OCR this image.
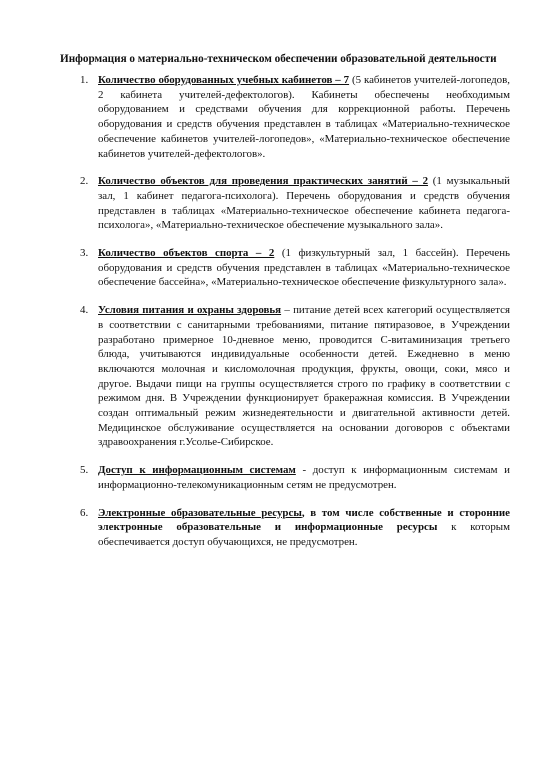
Информация о материально-техническом обеспечении образовательной деятельности
1. Количество оборудованных учебных кабинетов – 7 (5 кабинетов учителей-логопедов, 2 кабинета учителей-дефектологов). Кабинеты обеспечены необходимым оборудованием и средствами обучения для коррекционной работы. Перечень оборудования и средств обучения представлен в таблицах «Материально-техническое обеспечение кабинетов учителей-логопедов», «Материально-техническое обеспечение кабинетов учителей-дефектологов».
2. Количество объектов для проведения практических занятий – 2 (1 музыкальный зал, 1 кабинет педагога-психолога). Перечень оборудования и средств обучения представлен в таблицах «Материально-техническое обеспечение кабинета педагога-психолога», «Материально-техническое обеспечение музыкального зала».
3. Количество объектов спорта – 2 (1 физкультурный зал, 1 бассейн). Перечень оборудования и средств обучения представлен в таблицах «Материально-техническое обеспечение бассейна», «Материально-техническое обеспечение физкультурного зала».
4. Условия питания и охраны здоровья – питание детей всех категорий осуществляется в соответствии с санитарными требованиями, питание пятиразовое, в Учреждении разработано примерное 10-дневное меню, проводится С-витаминизация третьего блюда, учитываются индивидуальные особенности детей. Ежедневно в меню включаются молочная и кисломолочная продукция, фрукты, овощи, соки, мясо и другое. Выдачи пищи на группы осуществляется строго по графику в соответствии с режимом дня. В Учреждении функционирует бракеражная комиссия. В Учреждении создан оптимальный режим жизнедеятельности и двигательной активности детей. Медицинское обслуживание осуществляется на основании договоров с объектами здравоохранения г.Усолье-Сибирское.
5. Доступ к информационным системам - доступ к информационным системам и информационно-телекомуникационным сетям не предусмотрен.
6. Электронные образовательные ресурсы, в том числе собственные и сторонние электронные образовательные и информационные ресурсы к которым обеспечивается доступ обучающихся, не предусмотрен.
